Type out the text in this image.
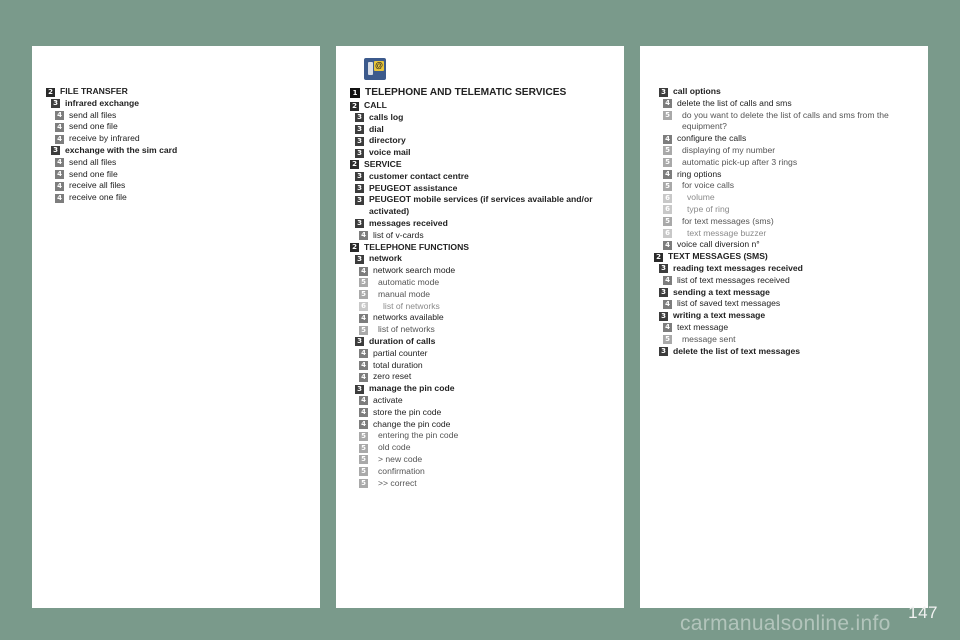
2 FILE TRANSFER
3 infrared exchange
4 send all files
4 send one file
4 receive by infrared
3 exchange with the sim card
4 send all files
4 send one file
4 receive all files
4 receive one file
@
1 TELEPHONE AND TELEMATIC SERVICES
2 CALL
3 calls log
3 dial
3 directory
3 voice mail
2 SERVICE
3 customer contact centre
3 PEUGEOT assistance
3 PEUGEOT mobile services (if services available and/or activated)
3 messages received
4 list of v-cards
2 TELEPHONE FUNCTIONS
3 network
4 network search mode
5	automatic mode
5	manual mode
6	list of networks
4 networks available
5	list of networks
3 duration of calls
4 partial counter
4 total duration
4 zero reset
3 manage the pin code
4 activate
4 store the pin code
4 change the pin code
5	entering the pin code
5	old code
5	> new code
5	confirmation
5	>> correct
3 call options
4 delete the list of calls and sms
5	do you want to delete the list of calls and sms from the equipment?
4 configure the calls
5	displaying of my number
5	automatic pick-up after 3 rings
4 ring options
5	for voice calls
6	volume
6	type of ring
5	for text messages (sms)
6	text message buzzer
4 voice call diversion n°
2 TEXT MESSAGES (SMS)
3 reading text messages received
4 list of text messages received
3 sending a text message
4 list of saved text messages
3 writing a text message
4 text message
5	message sent
3 delete the list of text messages
147
carmanualsonline.info
